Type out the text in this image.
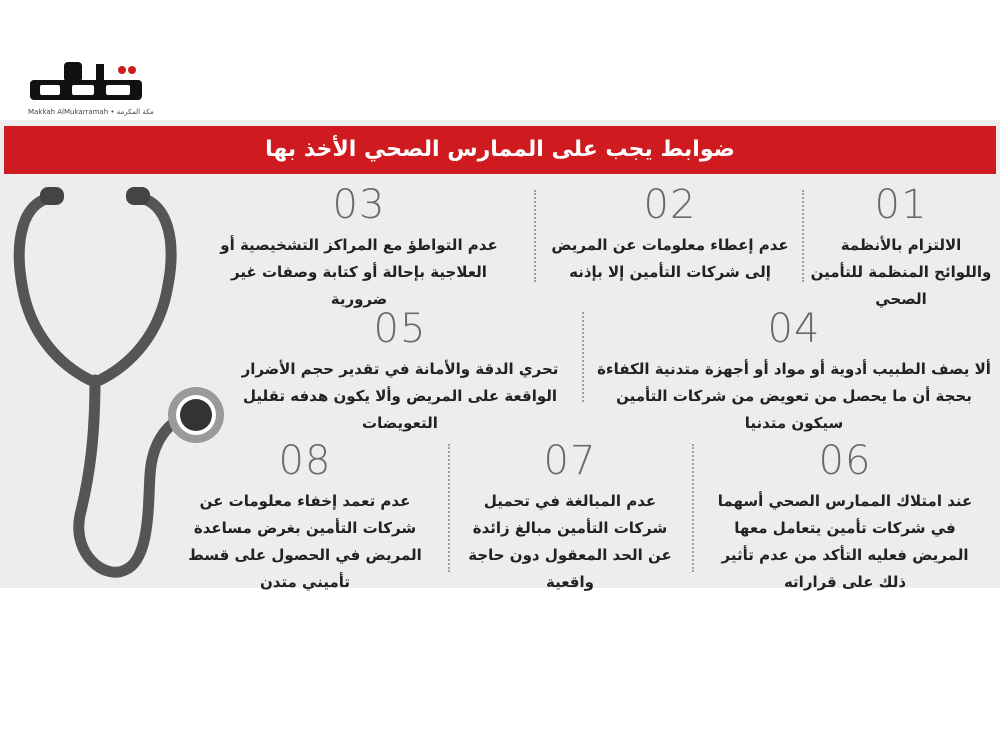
Makkah AlMukarramah • مكة المكرمة
ضوابط يجب على الممارس الصحي الأخذ بها
01
الالتزام بالأنظمة واللوائح المنظمة للتأمين الصحي
02
عدم إعطاء معلومات عن المريض إلى شركات التأمين إلا بإذنه
03
عدم التواطؤ مع المراكز التشخيصية أو العلاجية بإحالة أو كتابة وصفات غير ضرورية
04
ألا يصف الطبيب أدوية أو مواد أو أجهزة متدنية الكفاءة بحجة أن ما يحصل من تعويض من شركات التأمين سيكون متدنيا
05
تحري الدقة والأمانة في تقدير حجم الأضرار الواقعة على المريض وألا يكون هدفه تقليل التعويضات
06
عند امتلاك الممارس الصحي أسهما في شركات تأمين يتعامل معها المريض فعليه التأكد من عدم تأثير ذلك على قراراته
07
عدم المبالغة في تحميل شركات التأمين مبالغ زائدة عن الحد المعقول دون حاجة واقعية
08
عدم تعمد إخفاء معلومات عن شركات التأمين بغرض مساعدة المريض في الحصول على قسط تأميني متدن
